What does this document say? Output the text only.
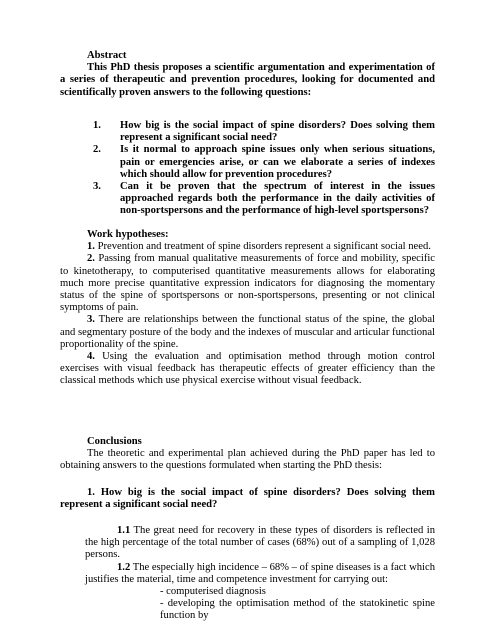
Abstract

This PhD thesis proposes a scientific argumentation and experimentation of a series of therapeutic and prevention procedures, looking for documented and scientifically proven answers to the following questions:

1. How big is the social impact of spine disorders? Does solving them represent a significant social need?
2. Is it normal to approach spine issues only when serious situations, pain or emergencies arise, or can we elaborate a series of indexes which should allow for prevention procedures?
3. Can it be proven that the spectrum of interest in the issues approached regards both the performance in the daily activities of non-sportspersons and the performance of high-level sportspersons?

Work hypotheses:

1. Prevention and treatment of spine disorders represent a significant social need.

2. Passing from manual qualitative measurements of force and mobility, specific to kinetotherapy, to computerised quantitative measurements allows for elaborating much more precise quantitative expression indicators for diagnosing the momentary status of the spine of sportspersons or non-sportspersons, presenting or not clinical symptoms of pain.

3. There are relationships between the functional status of the spine, the global and segmentary posture of the body and the indexes of muscular and articular functional proportionality of the spine.

4. Using the evaluation and optimisation method through motion control exercises with visual feedback has therapeutic effects of greater efficiency than the classical methods which use physical exercise without visual feedback.

Conclusions

The theoretic and experimental plan achieved during the PhD paper has led to obtaining answers to the questions formulated when starting the PhD thesis:

1. How big is the social impact of spine disorders? Does solving them represent a significant social need?

1.1 The great need for recovery in these types of disorders is reflected in the high percentage of the total number of cases (68%) out of a sampling of 1,028 persons.

1.2 The especially high incidence – 68% – of spine diseases is a fact which justifies the material, time and competence investment for carrying out:

- computerised diagnosis

- developing the optimisation method of the statokinetic spine function by
